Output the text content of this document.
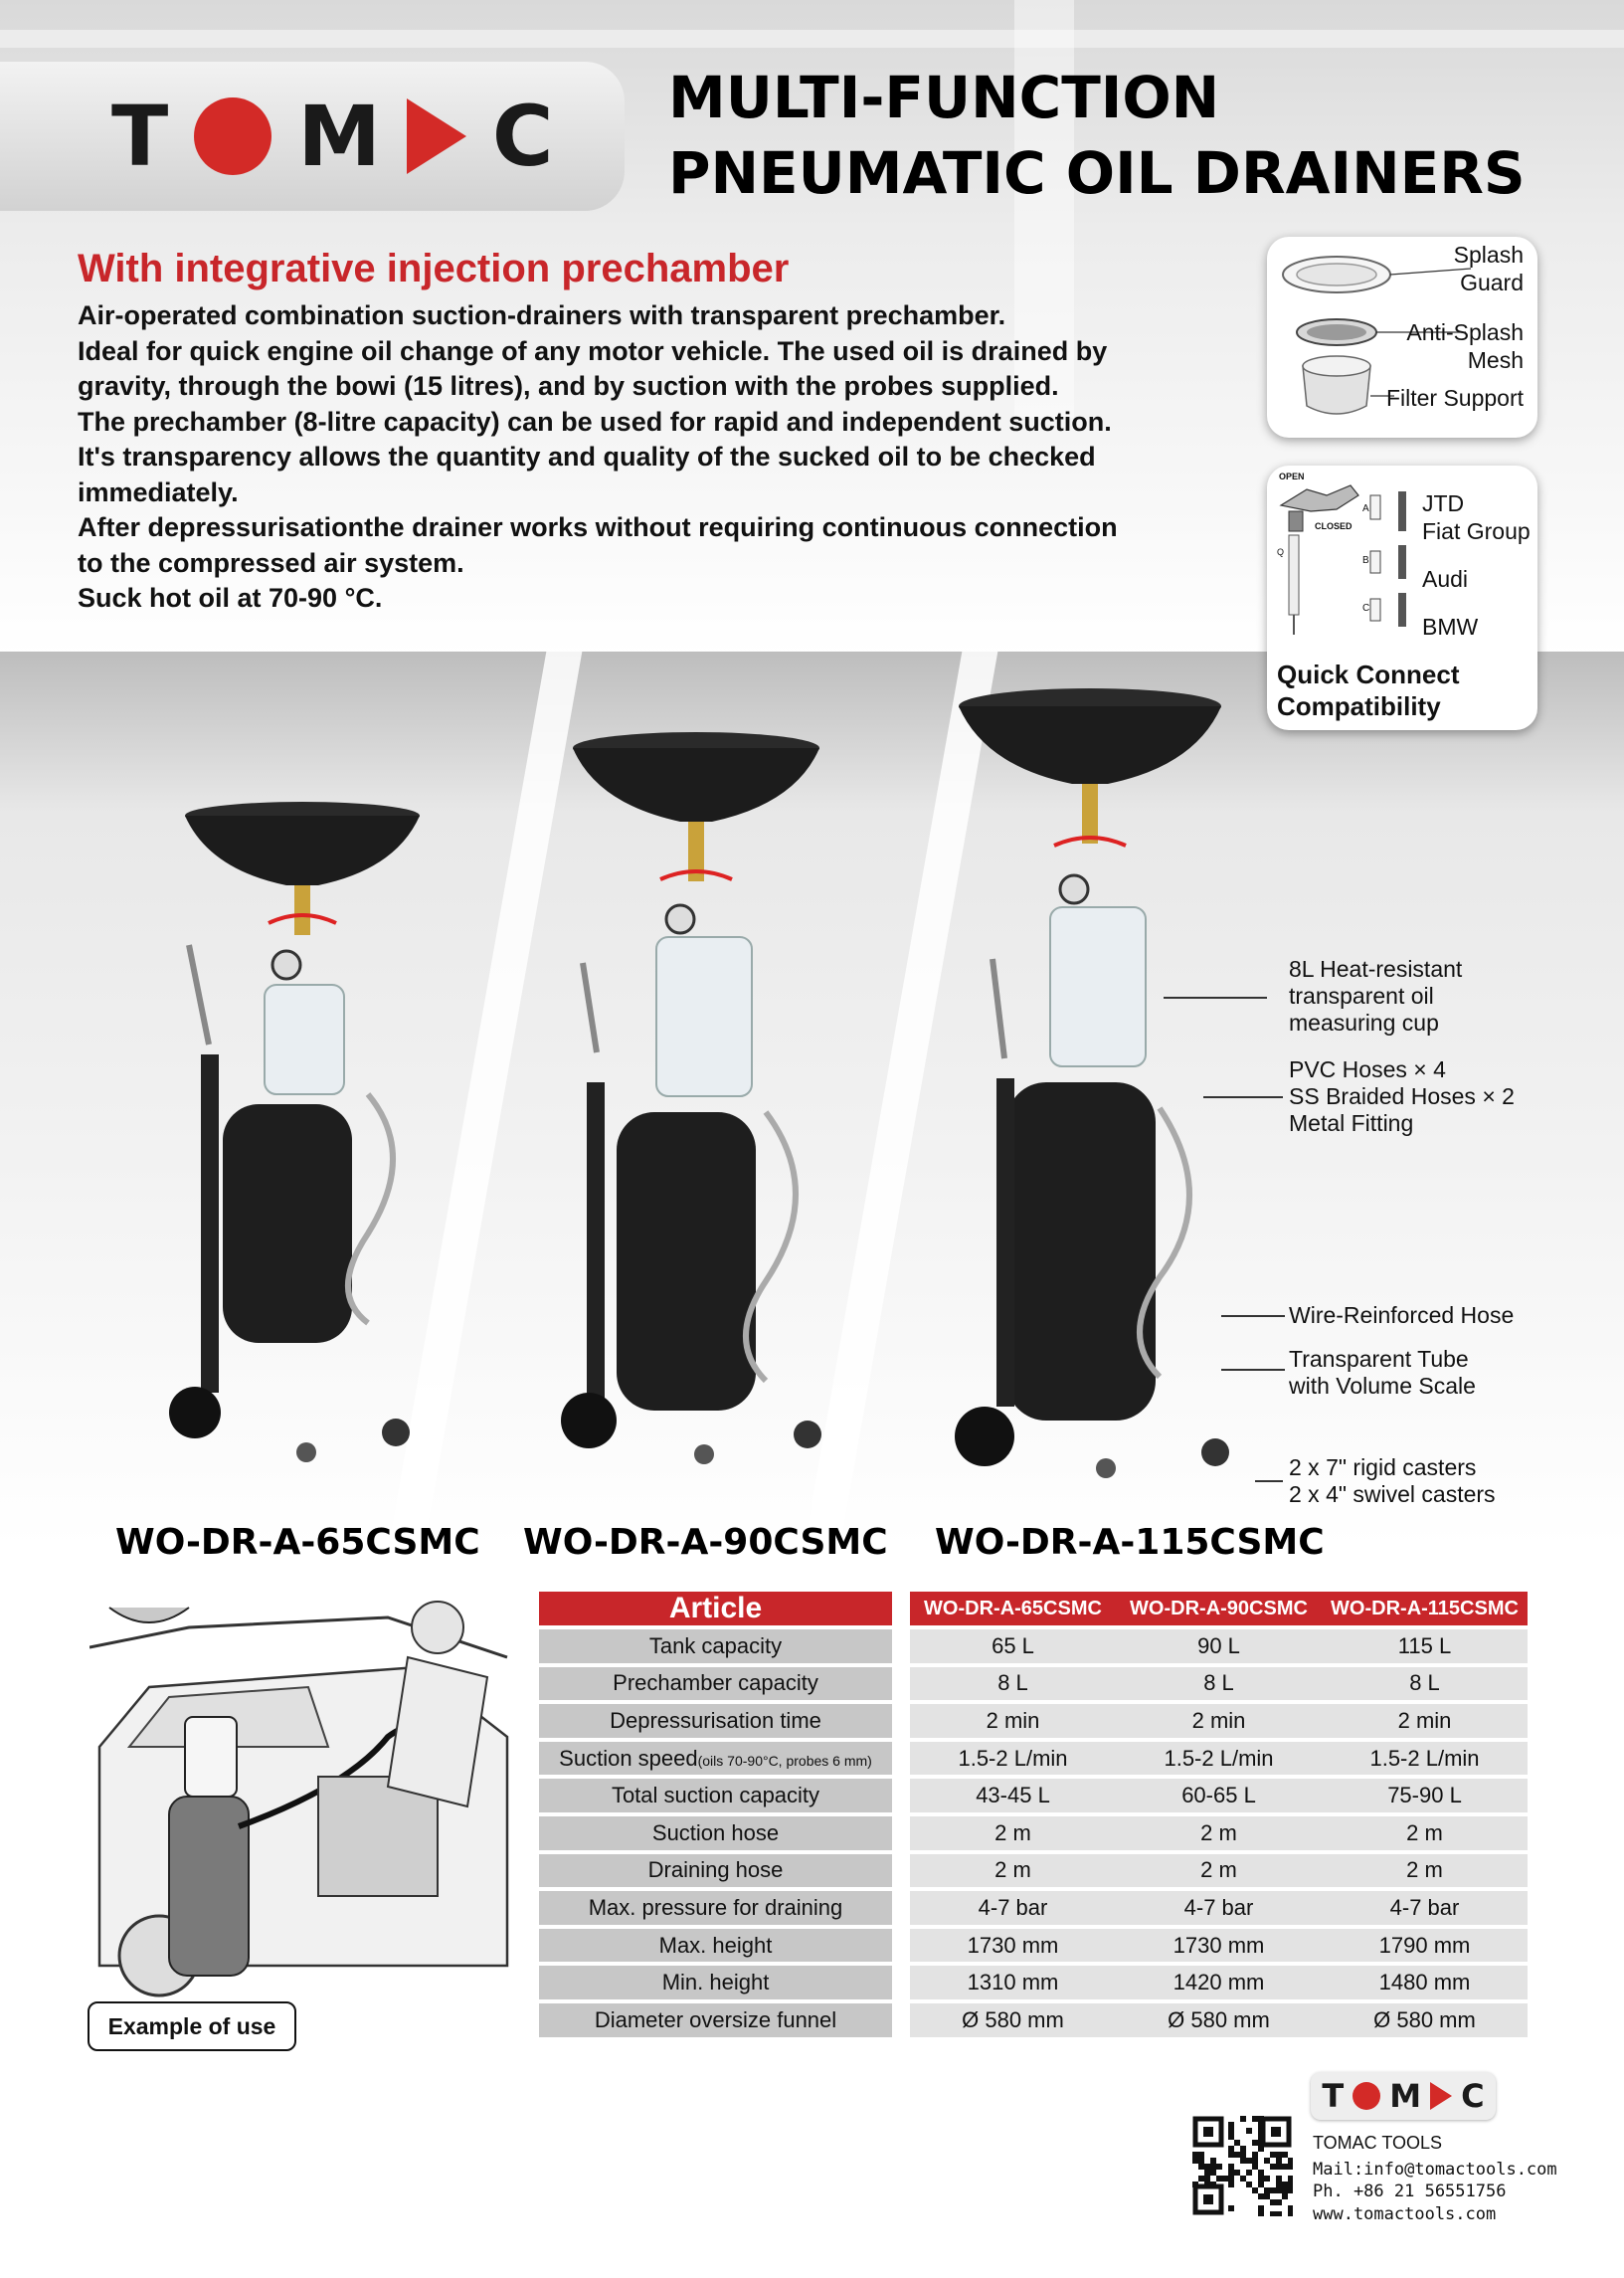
T M C MULTI-FUNCTION
PNEUMATIC OIL DRAINERS
With integrative injection prechamber

Air-operated combination suction-drainers with transparent prechamber.

Ideal for quick engine oil change of any motor vehicle. The used oil is drained by

gravity, through the bowi (15 litres), and by suction with the probes supplied.

The prechamber (8-litre capacity) can be used for rapid and independent suction.

It's transparency allows the quantity and quality of the sucked oil to be checked

immediately.

After depressurisationthe drainer works without requiring continuous connection

to the compressed air system.

Suck hot oil at 70-90 °C.

Splash
Guard
Anti-Splash
Mesh
Filter Support
OPEN
CLOSED
Q
A
B
C
JTD
Fiat Group
Audi
BMW
Quick Connect
Compatibility
WO-DR-A-65CSMC WO-DR-A-90CSMC WO-DR-A-115CSMC
8L Heat-resistant
transparent oil
measuring cup
PVC Hoses × 4
SS Braided Hoses × 2
Metal Fitting
Wire-Reinforced Hose
Transparent Tube
with Volume Scale
2 x 7" rigid casters
2 x 4" swivel casters
Example of use
Article		WO-DR-A-65CSMC	WO-DR-A-90CSMC	WO-DR-A-115CSMC
Tank capacity		65 L	90 L	115 L
Prechamber capacity		8 L	8 L	8 L
Depressurisation time		2 min	2 min	2 min
Suction speed(oils 70-90°C, probes 6 mm)		1.5-2 L/min	1.5-2 L/min	1.5-2 L/min
Total suction capacity		43-45 L	60-65 L	75-90 L
Suction hose		2 m	2 m	2 m
Draining hose		2 m	2 m	2 m
Max. pressure for draining		4-7 bar	4-7 bar	4-7 bar
Max. height		1730 mm	1730 mm	1790 mm
Min. height		1310 mm	1420 mm	1480 mm
Diameter oversize funnel		Ø 580 mm	Ø 580 mm	Ø 580 mm
T M C
TOMAC TOOLS
Mail:info@tomactools.com
Ph. +86 21 56551756
www.tomactools.com
